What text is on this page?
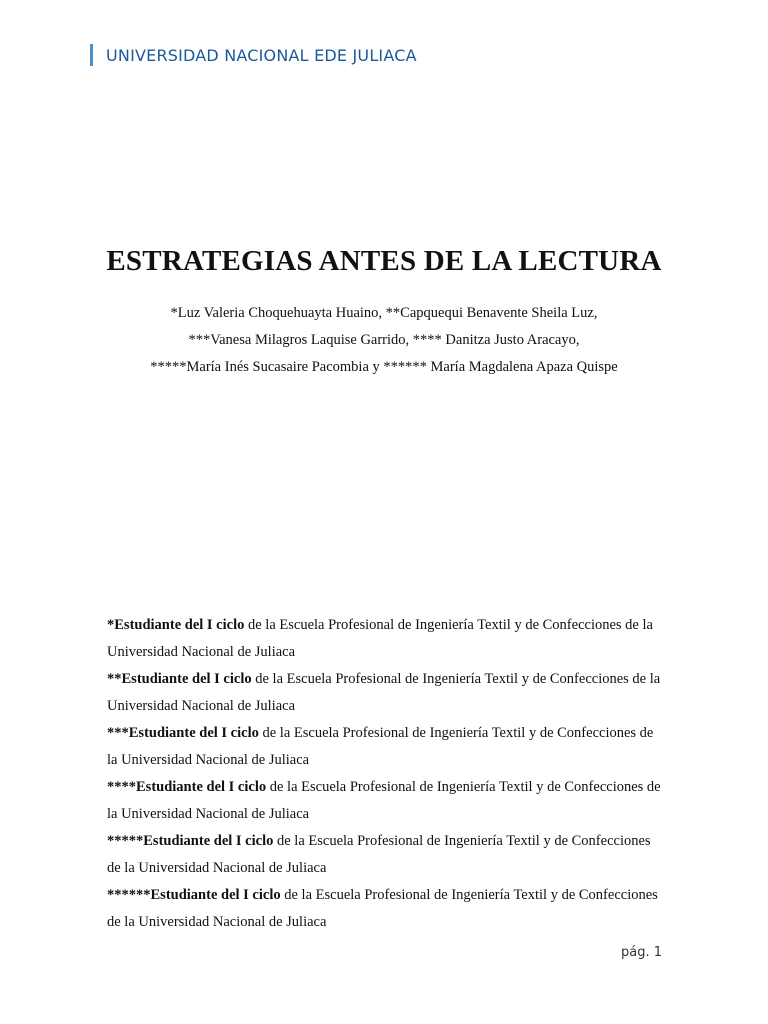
UNIVERSIDAD NACIONAL EDE JULIACA
ESTRATEGIAS ANTES DE LA LECTURA
*Luz Valeria Choquehuayta Huaino, **Capquequi Benavente Sheila Luz,
***Vanesa Milagros Laquise Garrido, **** Danitza Justo Aracayo,
*****María Inés Sucasaire Pacombia y ****** María Magdalena Apaza Quispe
*Estudiante del I ciclo de la Escuela Profesional de Ingeniería Textil y de Confecciones de la Universidad Nacional de Juliaca
**Estudiante del I ciclo de la Escuela Profesional de Ingeniería Textil y de Confecciones de la Universidad Nacional de Juliaca
***Estudiante del I ciclo de la Escuela Profesional de Ingeniería Textil y de Confecciones de la Universidad Nacional de Juliaca
****Estudiante del I ciclo de la Escuela Profesional de Ingeniería Textil y de Confecciones de la Universidad Nacional de Juliaca
*****Estudiante del I ciclo de la Escuela Profesional de Ingeniería Textil y de Confecciones de la Universidad Nacional de Juliaca
******Estudiante del I ciclo de la Escuela Profesional de Ingeniería Textil y de Confecciones de la Universidad Nacional de Juliaca
pág. 1
